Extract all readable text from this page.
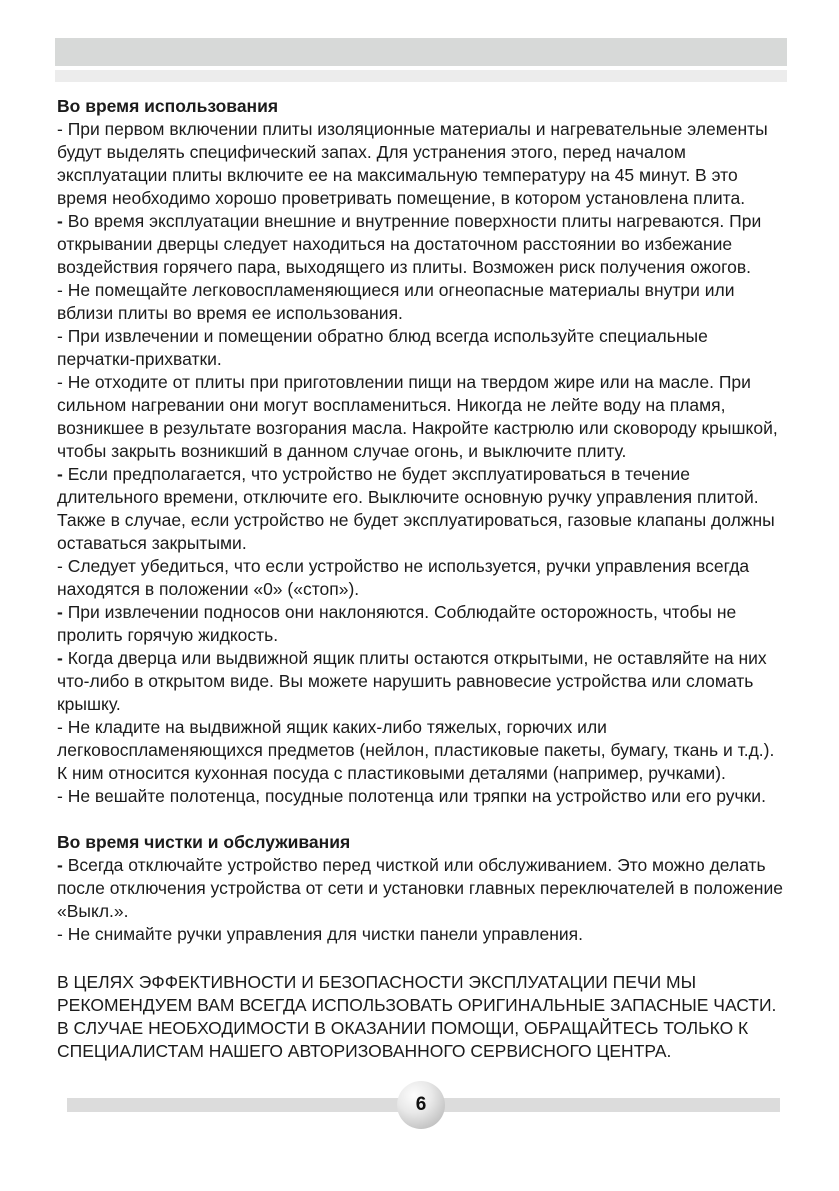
Во время использования

- При первом включении плиты изоляционные материалы и нагревательные элементы будут выделять специфический запах. Для устранения этого, перед началом эксплуатации плиты включите ее на максимальную температуру на 45 минут. В это время необходимо хорошо проветривать помещение, в котором установлена плита.

- Во время эксплуатации внешние и внутренние поверхности плиты нагреваются. При открывании дверцы следует находиться на достаточном расстоянии во избежание воздействия горячего пара, выходящего из плиты. Возможен риск получения ожогов.

- Не помещайте легковоспламеняющиеся или огнеопасные материалы внутри или вблизи плиты во время ее использования.

- При извлечении и помещении обратно блюд всегда используйте специальные перчатки-прихватки.

- Не отходите от плиты при приготовлении пищи на твердом жире или на масле. При сильном нагревании они могут воспламениться. Никогда не лейте воду на пламя, возникшее в результате возгорания масла. Накройте кастрюлю или сковороду крышкой, чтобы закрыть возникший в данном случае огонь, и выключите плиту.

- Если предполагается, что устройство не будет эксплуатироваться в течение длительного времени, отключите его. Выключите основную ручку управления плитой. Также в случае, если устройство не будет эксплуатироваться, газовые клапаны должны оставаться закрытыми.

- Следует убедиться, что если устройство не используется, ручки управления всегда находятся в положении «0» («стоп»).

- При извлечении подносов они наклоняются. Соблюдайте осторожность, чтобы не пролить горячую жидкость.

- Когда дверца или выдвижной ящик плиты остаются открытыми, не оставляйте на них что-либо в открытом виде. Вы можете нарушить равновесие устройства или сломать крышку.

- Не кладите на выдвижной ящик каких-либо тяжелых, горючих или легковоспламеняющихся предметов (нейлон, пластиковые пакеты, бумагу, ткань и т.д.). К ним относится кухонная посуда с пластиковыми деталями (например, ручками).

- Не вешайте полотенца, посудные полотенца или тряпки на устройство или его ручки.

Во время чистки и обслуживания

- Всегда отключайте устройство перед чисткой или обслуживанием. Это можно делать после отключения устройства от сети и установки главных переключателей в положение «Выкл.».

- Не снимайте ручки управления для чистки панели управления.

В ЦЕЛЯХ ЭФФЕКТИВНОСТИ И БЕЗОПАСНОСТИ ЭКСПЛУАТАЦИИ ПЕЧИ МЫ РЕКОМЕНДУЕМ ВАМ ВСЕГДА ИСПОЛЬЗОВАТЬ ОРИГИНАЛЬНЫЕ ЗАПАСНЫЕ ЧАСТИ. В СЛУЧАЕ НЕОБХОДИМОСТИ В ОКАЗАНИИ ПОМОЩИ, ОБРАЩАЙТЕСЬ ТОЛЬКО К СПЕЦИАЛИСТАМ НАШЕГО АВТОРИЗОВАННОГО СЕРВИСНОГО ЦЕНТРА.

6
